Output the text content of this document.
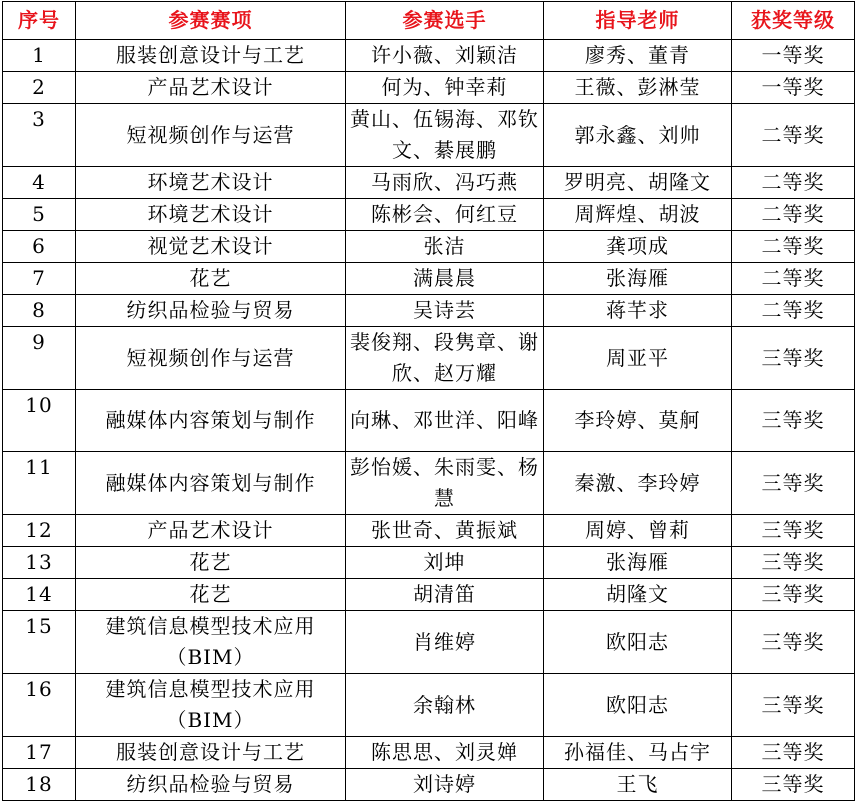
序号	参赛赛项	参赛选手	指导老师	获奖等级
1	服装创意设计与工艺	许小薇、刘颖洁	廖秀、董青	一等奖
2	产品艺术设计	何为、钟幸莉	王薇、彭淋莹	一等奖
3	短视频创作与运营	黄山、伍锡海、邓钦文、綦展鹏	郭永鑫、刘帅	二等奖
4	环境艺术设计	马雨欣、冯巧燕	罗明亮、胡隆文	二等奖
5	环境艺术设计	陈彬会、何红豆	周辉煌、胡波	二等奖
6	视觉艺术设计	张洁	龚项成	二等奖
7	花艺	满晨晨	张海雁	二等奖
8	纺织品检验与贸易	吴诗芸	蒋芊求	二等奖
9	短视频创作与运营	裴俊翔、段隽章、谢欣、赵万耀	周亚平	三等奖
10	融媒体内容策划与制作	向琳、邓世洋、阳峰	李玲婷、莫舸	三等奖
11	融媒体内容策划与制作	彭怡媛、朱雨雯、杨慧	秦激、李玲婷	三等奖
12	产品艺术设计	张世奇、黄振斌	周婷、曾莉	三等奖
13	花艺	刘坤	张海雁	三等奖
14	花艺	胡清笛	胡隆文	三等奖
15	建筑信息模型技术应用（BIM）	肖维婷	欧阳志	三等奖
16	建筑信息模型技术应用（BIM）	余翰林	欧阳志	三等奖
17	服装创意设计与工艺	陈思思、刘灵婵	孙福佳、马占宇	三等奖
18	纺织品检验与贸易	刘诗婷	王飞	三等奖
